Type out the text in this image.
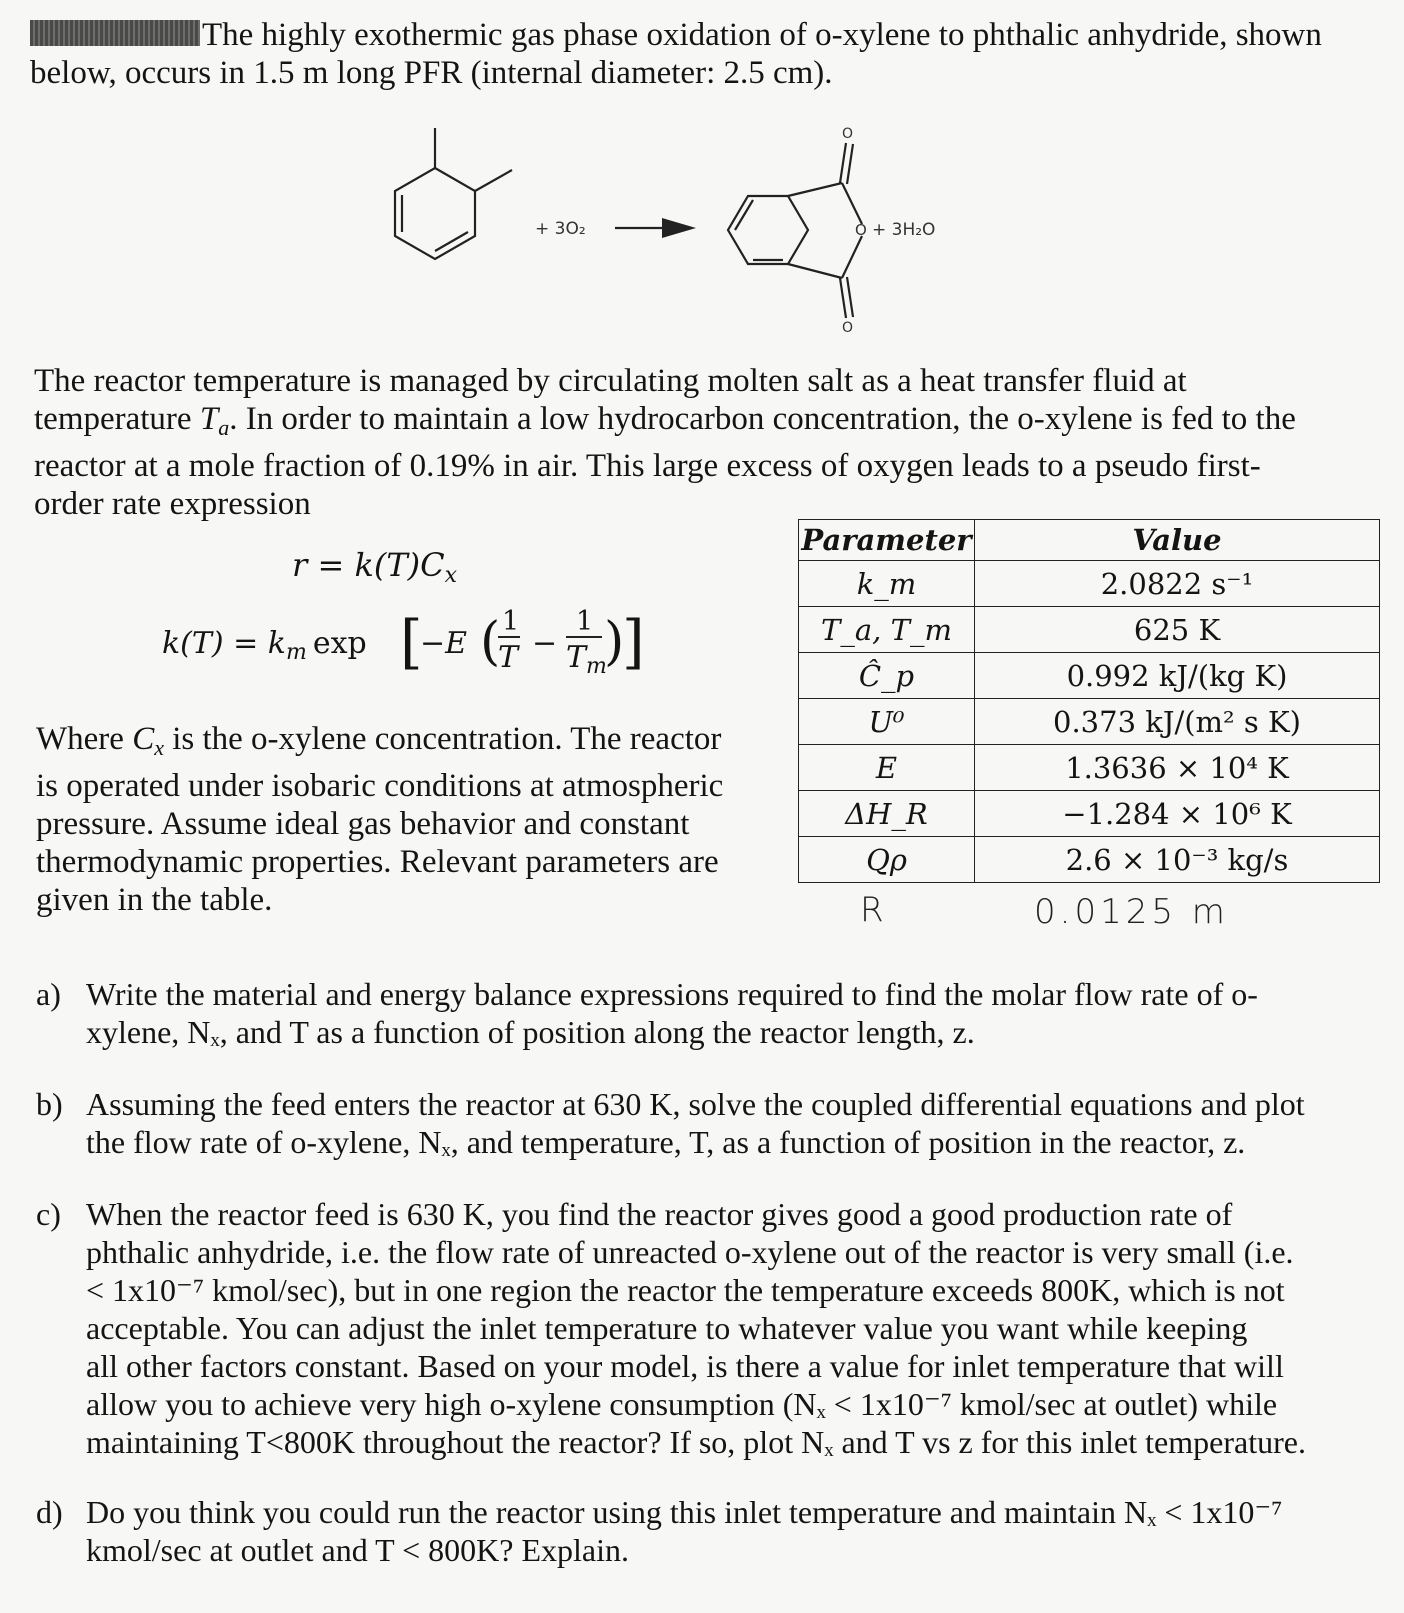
The highly exothermic gas phase oxidation of o-xylene to phthalic anhydride, shown
below, occurs in 1.5 m long PFR (internal diameter: 2.5 cm).
+ 3O₂
O
O
O
+ 3H₂O
The reactor temperature is managed by circulating molten salt as a heat transfer fluid at
temperature $T_a$. In order to maintain a low hydrocarbon concentration, the o-xylene is fed to the
reactor at a mole fraction of 0.19% in air. This large excess of oxygen leads to a pseudo first-
order rate expression
$r = k(T)C_x$
$k(T) = k_m$ exp [
−E ( 1
T −
1
$T_m$
)
]
Where $C_x$ is the o-xylene concentration. The reactor
is operated under isobaric conditions at atmospheric
pressure. Assume ideal gas behavior and constant
thermodynamic properties. Relevant parameters are
given in the table.
Parameter	Value
k_m	2.0822 s⁻¹
T_a, T_m	625 K
Ĉ_p	0.992 kJ/(kg K)
U⁰	0.373 kJ/(m² s K)
E	1.3636 × 10⁴ K
ΔH_R	−1.284 × 10⁶ K
Qρ	2.6 × 10⁻³ kg/s
R	0.0125 m
a) Write the material and energy balance expressions required to find the molar flow rate of o-
xylene, Nₓ, and T as a function of position along the reactor length, z.
b) Assuming the feed enters the reactor at 630 K, solve the coupled differential equations and plot
the flow rate of o-xylene, Nₓ, and temperature, T, as a function of position in the reactor, z.
c) When the reactor feed is 630 K, you find the reactor gives good a good production rate of
phthalic anhydride, i.e. the flow rate of unreacted o-xylene out of the reactor is very small (i.e.
< 1x10⁻⁷ kmol/sec), but in one region the reactor the temperature exceeds 800K, which is not
acceptable. You can adjust the inlet temperature to whatever value you want while keeping
all other factors constant. Based on your model, is there a value for inlet temperature that will
allow you to achieve very high o-xylene consumption (Nₓ < 1x10⁻⁷ kmol/sec at outlet) while
maintaining T<800K throughout the reactor? If so, plot Nₓ and T vs z for this inlet temperature.
d) Do you think you could run the reactor using this inlet temperature and maintain Nₓ < 1x10⁻⁷
kmol/sec at outlet and T < 800K? Explain.
